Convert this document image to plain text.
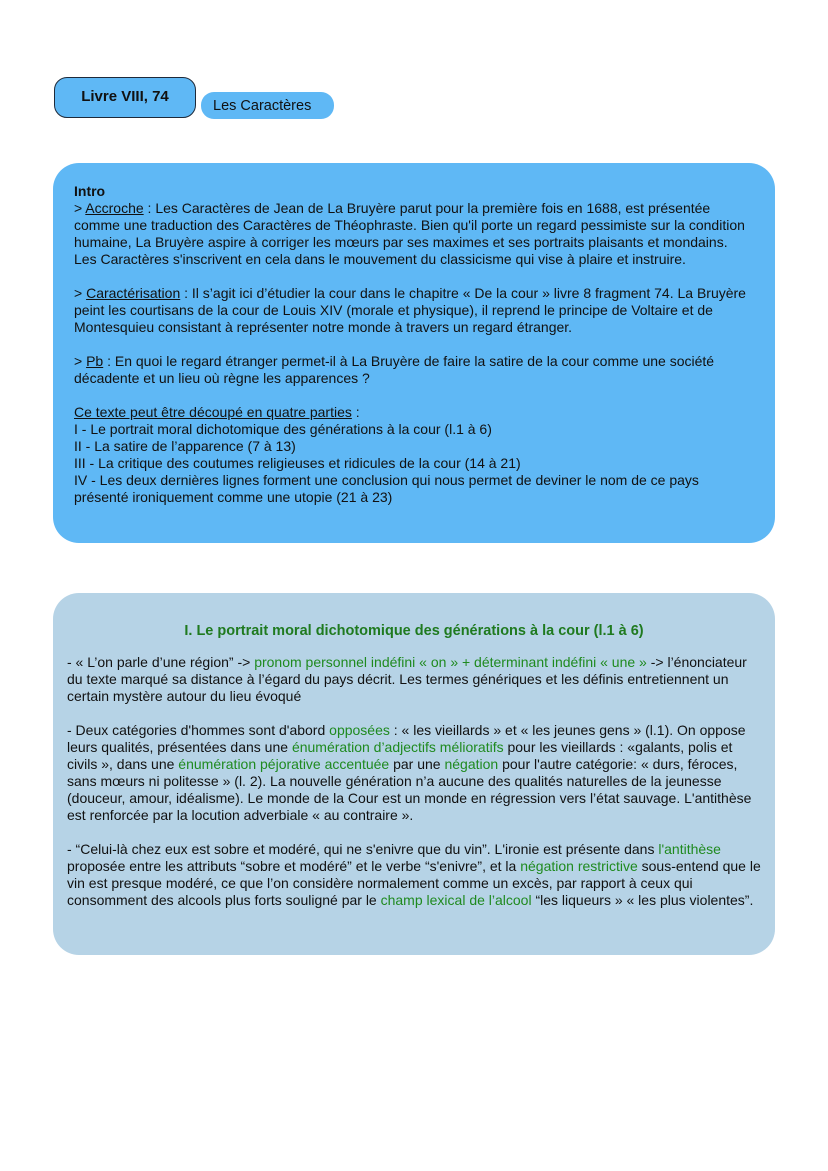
Livre VIII, 74
Les Caractères

Intro

> Accroche : Les Caractères de Jean de La Bruyère parut pour la première fois en 1688, est présentée comme une traduction des Caractères de Théophraste. Bien qu'il porte un regard pessimiste sur la condition humaine, La Bruyère aspire à corriger les mœurs par ses maximes et ses portraits plaisants et mondains. Les Caractères s'inscrivent en cela dans le mouvement du classicisme qui vise à plaire et instruire.

> Caractérisation : Il s’agit ici d’étudier la cour dans le chapitre « De la cour » livre 8 fragment 74. La Bruyère peint les courtisans de la cour de Louis XIV (morale et physique), il reprend le principe de Voltaire et de Montesquieu consistant à représenter notre monde à travers un regard étranger.

> Pb : En quoi le regard étranger permet-il à La Bruyère de faire la satire de la cour comme une société décadente et un lieu où règne les apparences ?

Ce texte peut être découpé en quatre parties :

I - Le portrait moral dichotomique des générations à la cour (l.1 à 6)

II - La satire de l’apparence (7 à 13)

III - La critique des coutumes religieuses et ridicules de la cour (14 à 21)

IV - Les deux dernières lignes forment une conclusion qui nous permet de deviner le nom de ce pays présenté ironiquement comme une utopie (21 à 23)

I. Le portrait moral dichotomique des générations à la cour (l.1 à 6)

- « L’on parle d’une région” -> pronom personnel indéfini « on » + déterminant indéfini « une » -> l’énonciateur du texte marqué sa distance à l’égard du pays décrit. Les termes génériques et les définis entretiennent un certain mystère autour du lieu évoqué

- Deux catégories d'hommes sont d'abord opposées : « les vieillards » et « les jeunes gens » (l.1). On oppose leurs qualités, présentées dans une énumération d’adjectifs mélioratifs pour les vieillards : «galants, polis et civils », dans une énumération péjorative accentuée par une négation pour l'autre catégorie: « durs, féroces, sans mœurs ni politesse » (l. 2). La nouvelle génération n’a aucune des qualités naturelles de la jeunesse (douceur, amour, idéalisme). Le monde de la Cour est un monde en régression vers l’état sauvage. L'antithèse est renforcée par la locution adverbiale « au contraire ».

- “Celui-là chez eux est sobre et modéré, qui ne s'enivre que du vin”. L'ironie est présente dans l'antithèse proposée entre les attributs “sobre et modéré” et le verbe “s'enivre”, et la négation restrictive sous-entend que le vin est presque modéré, ce que l’on considère normalement comme un excès, par rapport à ceux qui consomment des alcools plus forts souligné par le champ lexical de l’alcool “les liqueurs » « les plus violentes”.
